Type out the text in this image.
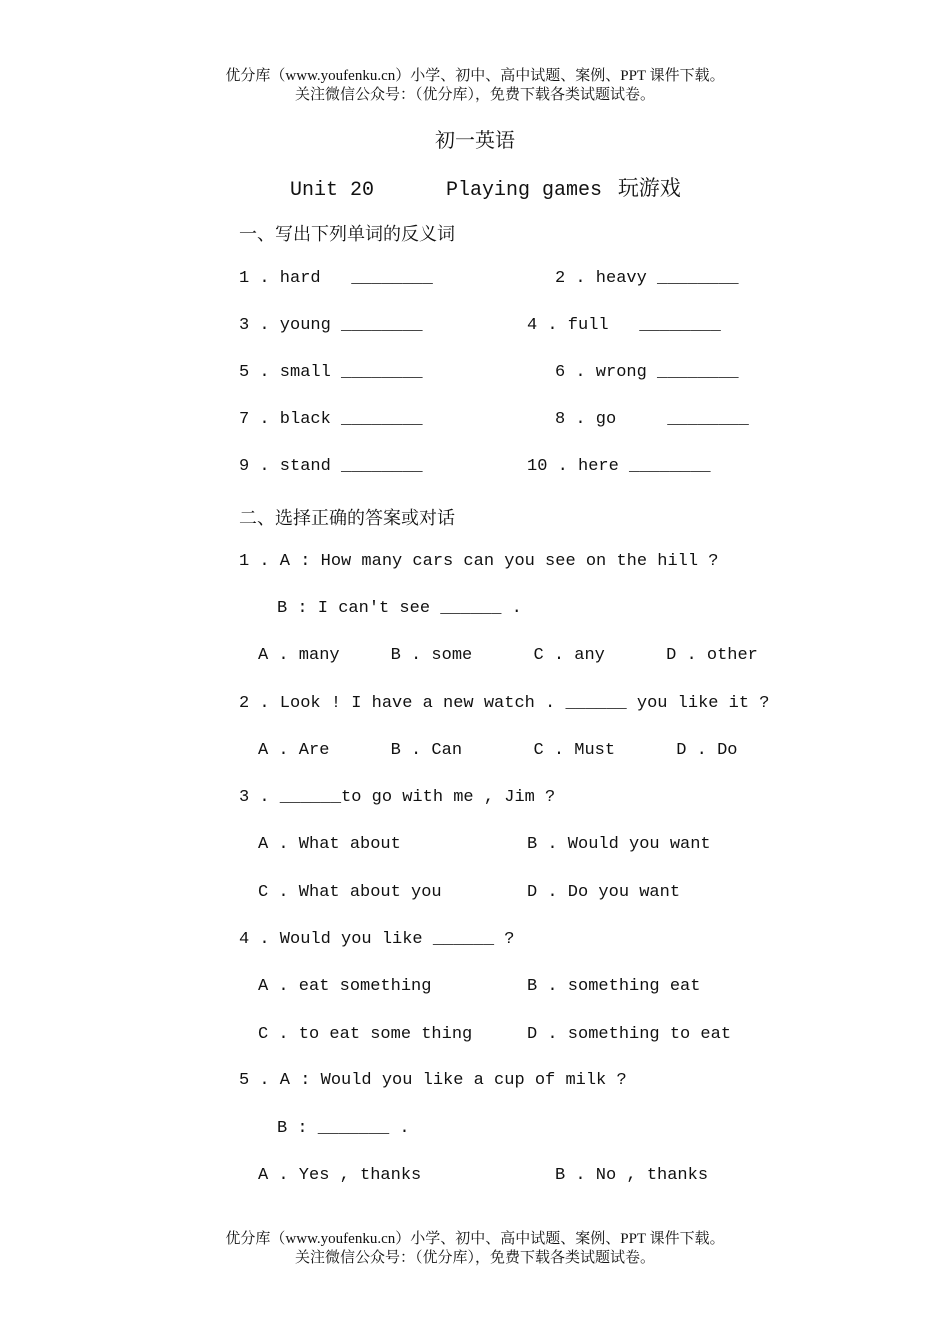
优分库（www.youfenku.cn）小学、初中、高中试题、案例、PPT 课件下载。
关注微信公众号：（优分库），免费下载各类试题试卷。
初一英语
Unit 20      Playing games 玩游戏
一、写出下列单词的反义词
1 . hard   ________	2 . heavy ________
3 . young ________	4 . full   ________
5 . small ________	6 . wrong ________
7 . black ________	8 . go     ________
9 . stand ________	10 . here ________
二、选择正确的答案或对话
1 . A : How many cars can you see on the hill ?
B : I can't see ______ .
A . many     B . some      C . any      D . other
2 . Look ! I have a new watch . ______ you like it ?
A . Are      B . Can       C . Must      D . Do
3 . ______to go with me , Jim ?
A . What about	B . Would you want
C . What about you	D . Do you want
4 . Would you like ______ ?
A . eat something	B . something eat
C . to eat some thing	D . something to eat
5 . A : Would you like a cup of milk ?
B : _______ .
A . Yes , thanks	B . No , thanks
优分库（www.youfenku.cn）小学、初中、高中试题、案例、PPT 课件下载。
关注微信公众号：（优分库），免费下载各类试题试卷。
